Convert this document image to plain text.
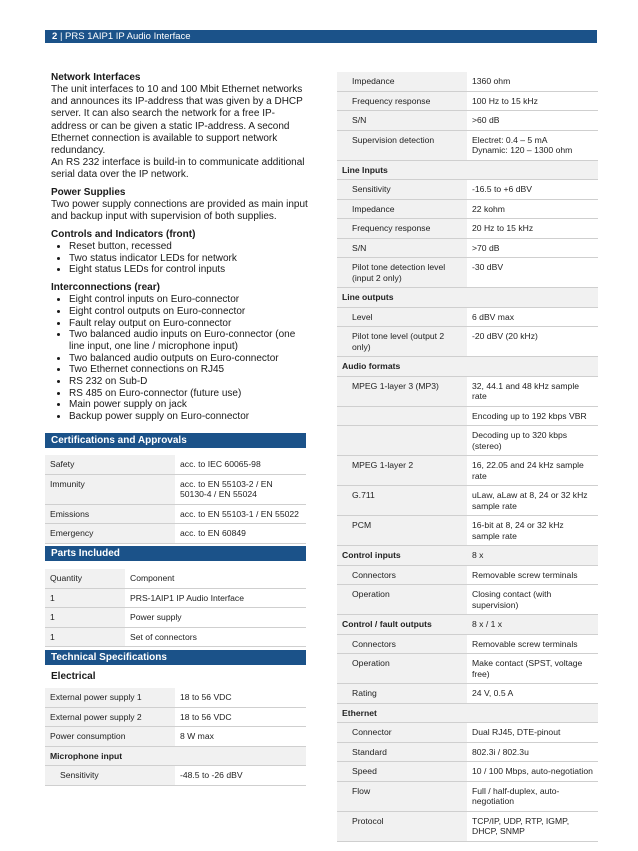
2 | PRS 1AIP1 IP Audio Interface

Network Interfaces

The unit interfaces to 10 and 100 Mbit Ethernet networks and announces its IP-address that was given by a DHCP server. It can also search the network for a free IP-address or can be given a static IP-address. A second Ethernet connection is available to support network redundancy.

An RS 232 interface is build-in to communicate additional serial data over the IP network.

Power Supplies

Two power supply connections are provided as main input and backup input with supervision of both supplies.

Controls and Indicators (front)

• Reset button, recessed
• Two status indicator LEDs for network
• Eight status LEDs for control inputs

Interconnections (rear)

• Eight control inputs on Euro-connector
• Eight control outputs on Euro-connector
• Fault relay output on Euro-connector
• Two balanced audio inputs on Euro-connector (one line input, one line / microphone input)
• Two balanced audio outputs on Euro-connector
• Two Ethernet connections on RJ45
• RS 232 on Sub-D
• RS 485 on Euro-connector (future use)
• Main power supply on jack
• Backup power supply on Euro-connector
Certifications and Approvals
Safety	acc. to IEC 60065-98
Immunity	acc. to EN 55103-2 / EN 50130-4 / EN 55024
Emissions	acc. to EN 55103-1 / EN 55022
Emergency	acc. to EN 60849
Parts Included
Quantity	Component
1	PRS-1AIP1 IP Audio Interface
1	Power supply
1	Set of connectors
Technical Specifications
Electrical
External power supply 1	18 to 56 VDC
External power supply 2	18 to 56 VDC
Power consumption	8 W max
Microphone input	
Sensitivity	-48.5 to -26 dBV
Impedance	1360 ohm
Frequency response	100 Hz to 15 kHz
S/N	>60 dB
Supervision detection	Electret: 0.4 – 5 mA
Dynamic: 120 – 1300 ohm
Line Inputs	
Sensitivity	-16.5 to +6 dBV
Impedance	22 kohm
Frequency response	20 Hz to 15 kHz
S/N	>70 dB
Pilot tone detection level (input 2 only)	-30 dBV
Line outputs	
Level	6 dBV max
Pilot tone level (output 2 only)	-20 dBV (20 kHz)
Audio formats	
MPEG 1-layer 3 (MP3)	32, 44.1 and 48 kHz sample rate
	Encoding up to 192 kbps VBR
	Decoding up to 320 kbps (stereo)
MPEG 1-layer 2	16, 22.05 and 24 kHz sample rate
G.711	uLaw, aLaw at 8, 24 or 32 kHz sample rate
PCM	16-bit at 8, 24 or 32 kHz sample rate
Control inputs	8 x
Connectors	Removable screw terminals
Operation	Closing contact (with supervision)
Control / fault outputs	8 x / 1 x
Connectors	Removable screw terminals
Operation	Make contact (SPST, voltage free)
Rating	24 V, 0.5 A
Ethernet	
Connector	Dual RJ45, DTE-pinout
Standard	802.3i / 802.3u
Speed	10 / 100 Mbps, auto-negotiation
Flow	Full / half-duplex, auto-negotiation
Protocol	TCP/IP, UDP, RTP, IGMP, DHCP, SNMP
